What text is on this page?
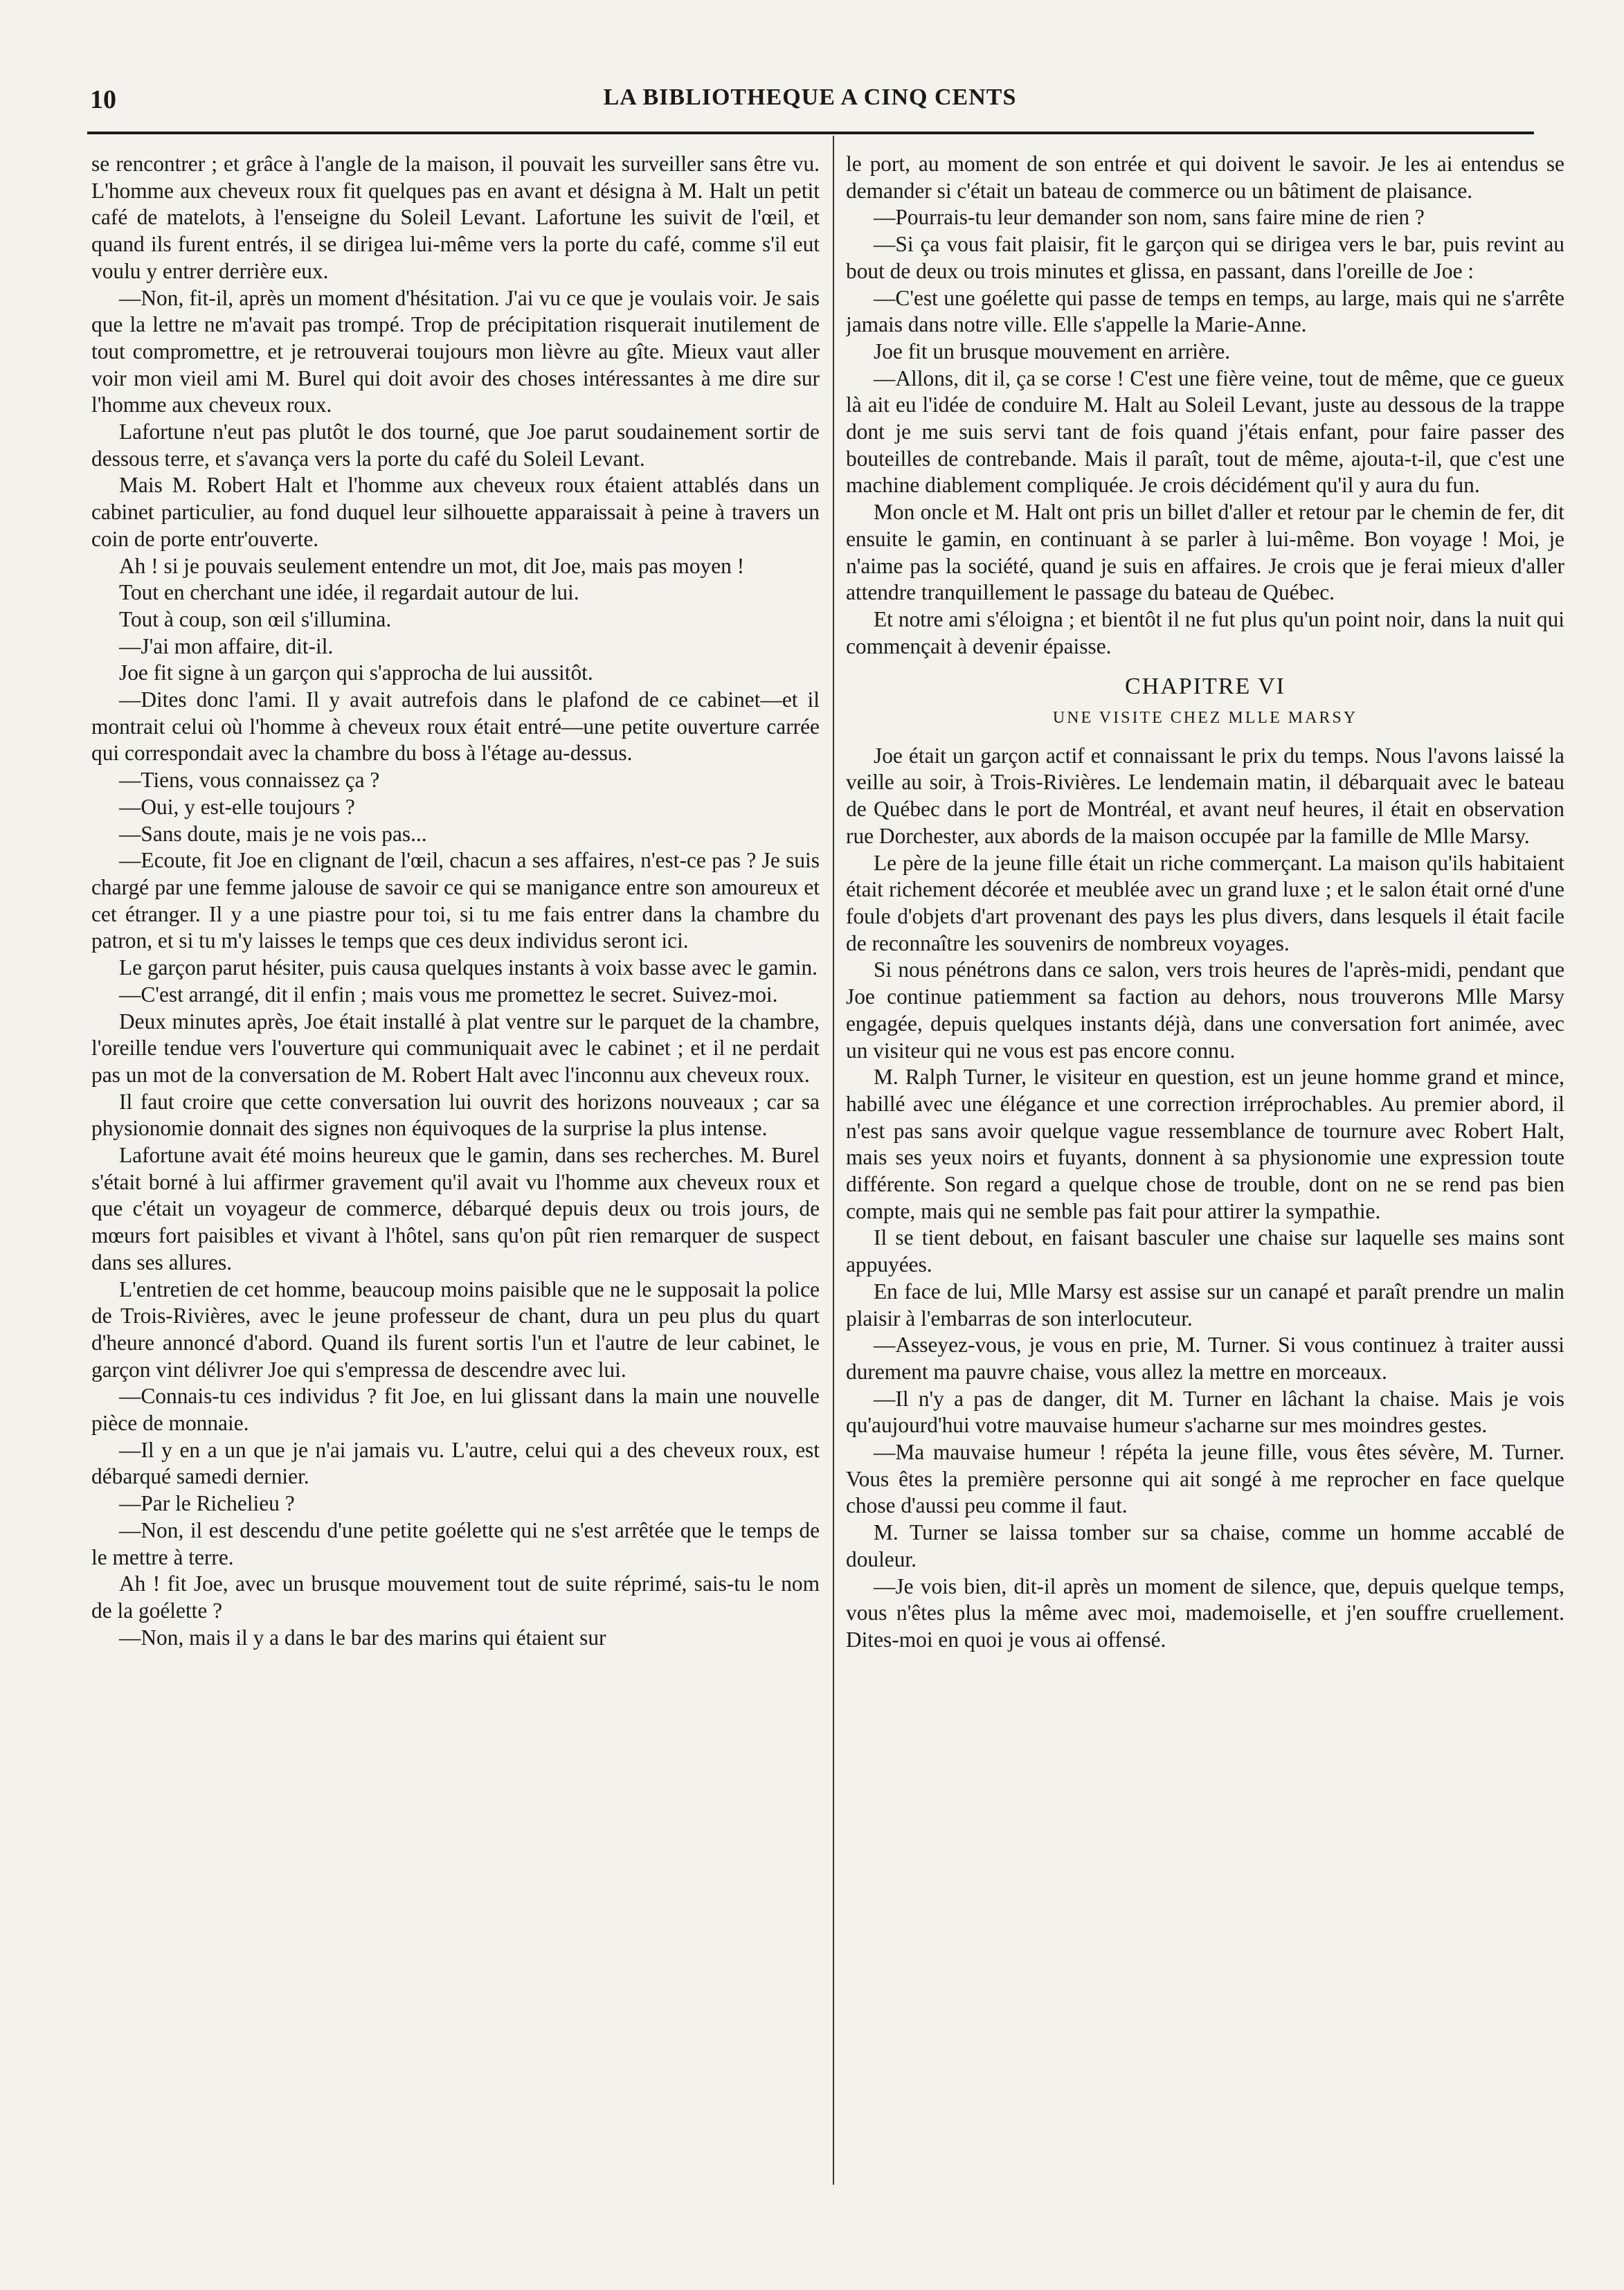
10	LA BIBLIOTHEQUE A CINQ CENTS

se rencontrer ; et grâce à l'angle de la maison, il pouvait les surveiller sans être vu. L'homme aux cheveux roux fit quelques pas en avant et désigna à M. Halt un petit café de matelots, à l'enseigne du Soleil Levant. Lafortune les suivit de l'œil, et quand ils furent entrés, il se dirigea lui-même vers la porte du café, comme s'il eut voulu y entrer derrière eux.

—Non, fit-il, après un moment d'hésitation. J'ai vu ce que je voulais voir. Je sais que la lettre ne m'avait pas trompé. Trop de précipitation risquerait inutilement de tout compromettre, et je retrouverai toujours mon lièvre au gîte. Mieux vaut aller voir mon vieil ami M. Burel qui doit avoir des choses intéressantes à me dire sur l'homme aux cheveux roux.

Lafortune n'eut pas plutôt le dos tourné, que Joe parut soudainement sortir de dessous terre, et s'avança vers la porte du café du Soleil Levant.

Mais M. Robert Halt et l'homme aux cheveux roux étaient attablés dans un cabinet particulier, au fond duquel leur silhouette apparaissait à peine à travers un coin de porte entr'ouverte.

Ah ! si je pouvais seulement entendre un mot, dit Joe, mais pas moyen !

Tout en cherchant une idée, il regardait autour de lui.

Tout à coup, son œil s'illumina.

—J'ai mon affaire, dit-il.

Joe fit signe à un garçon qui s'approcha de lui aussitôt.

—Dites donc l'ami. Il y avait autrefois dans le plafond de ce cabinet—et il montrait celui où l'homme à cheveux roux était entré—une petite ouverture carrée qui correspondait avec la chambre du boss à l'étage au-dessus.

—Tiens, vous connaissez ça ?

—Oui, y est-elle toujours ?

—Sans doute, mais je ne vois pas...

—Ecoute, fit Joe en clignant de l'œil, chacun a ses affaires, n'est-ce pas ? Je suis chargé par une femme jalouse de savoir ce qui se manigance entre son amoureux et cet étranger. Il y a une piastre pour toi, si tu me fais entrer dans la chambre du patron, et si tu m'y laisses le temps que ces deux individus seront ici.

Le garçon parut hésiter, puis causa quelques instants à voix basse avec le gamin.

—C'est arrangé, dit il enfin ; mais vous me promettez le secret. Suivez-moi.

Deux minutes après, Joe était installé à plat ventre sur le parquet de la chambre, l'oreille tendue vers l'ouverture qui communiquait avec le cabinet ; et il ne perdait pas un mot de la conversation de M. Robert Halt avec l'inconnu aux cheveux roux.

Il faut croire que cette conversation lui ouvrit des horizons nouveaux ; car sa physionomie donnait des signes non équivoques de la surprise la plus intense.

Lafortune avait été moins heureux que le gamin, dans ses recherches. M. Burel s'était borné à lui affirmer gravement qu'il avait vu l'homme aux cheveux roux et que c'était un voyageur de commerce, débarqué depuis deux ou trois jours, de mœurs fort paisibles et vivant à l'hôtel, sans qu'on pût rien remarquer de suspect dans ses allures.

L'entretien de cet homme, beaucoup moins paisible que ne le supposait la police de Trois-Rivières, avec le jeune professeur de chant, dura un peu plus du quart d'heure annoncé d'abord. Quand ils furent sortis l'un et l'autre de leur cabinet, le garçon vint délivrer Joe qui s'empressa de descendre avec lui.

—Connais-tu ces individus ? fit Joe, en lui glissant dans la main une nouvelle pièce de monnaie.

—Il y en a un que je n'ai jamais vu. L'autre, celui qui a des cheveux roux, est débarqué samedi dernier.

—Par le Richelieu ?

—Non, il est descendu d'une petite goélette qui ne s'est arrêtée que le temps de le mettre à terre.

Ah ! fit Joe, avec un brusque mouvement tout de suite réprimé, sais-tu le nom de la goélette ?

—Non, mais il y a dans le bar des marins qui étaient sur

le port, au moment de son entrée et qui doivent le savoir. Je les ai entendus se demander si c'était un bateau de commerce ou un bâtiment de plaisance.

—Pourrais-tu leur demander son nom, sans faire mine de rien ?

—Si ça vous fait plaisir, fit le garçon qui se dirigea vers le bar, puis revint au bout de deux ou trois minutes et glissa, en passant, dans l'oreille de Joe :

—C'est une goélette qui passe de temps en temps, au large, mais qui ne s'arrête jamais dans notre ville. Elle s'appelle la Marie-Anne.

Joe fit un brusque mouvement en arrière.

—Allons, dit il, ça se corse ! C'est une fière veine, tout de même, que ce gueux là ait eu l'idée de conduire M. Halt au Soleil Levant, juste au dessous de la trappe dont je me suis servi tant de fois quand j'étais enfant, pour faire passer des bouteilles de contrebande. Mais il paraît, tout de même, ajouta-t-il, que c'est une machine diablement compliquée. Je crois décidément qu'il y aura du fun.

Mon oncle et M. Halt ont pris un billet d'aller et retour par le chemin de fer, dit ensuite le gamin, en continuant à se parler à lui-même. Bon voyage ! Moi, je n'aime pas la société, quand je suis en affaires. Je crois que je ferai mieux d'aller attendre tranquillement le passage du bateau de Québec.

Et notre ami s'éloigna ; et bientôt il ne fut plus qu'un point noir, dans la nuit qui commençait à devenir épaisse.

CHAPITRE VI
UNE VISITE CHEZ MLLE MARSY

Joe était un garçon actif et connaissant le prix du temps. Nous l'avons laissé la veille au soir, à Trois-Rivières. Le lendemain matin, il débarquait avec le bateau de Québec dans le port de Montréal, et avant neuf heures, il était en observation rue Dorchester, aux abords de la maison occupée par la famille de Mlle Marsy.

Le père de la jeune fille était un riche commerçant. La maison qu'ils habitaient était richement décorée et meublée avec un grand luxe ; et le salon était orné d'une foule d'objets d'art provenant des pays les plus divers, dans lesquels il était facile de reconnaître les souvenirs de nombreux voyages.

Si nous pénétrons dans ce salon, vers trois heures de l'après-midi, pendant que Joe continue patiemment sa faction au dehors, nous trouverons Mlle Marsy engagée, depuis quelques instants déjà, dans une conversation fort animée, avec un visiteur qui ne vous est pas encore connu.

M. Ralph Turner, le visiteur en question, est un jeune homme grand et mince, habillé avec une élégance et une correction irréprochables. Au premier abord, il n'est pas sans avoir quelque vague ressemblance de tournure avec Robert Halt, mais ses yeux noirs et fuyants, donnent à sa physionomie une expression toute différente. Son regard a quelque chose de trouble, dont on ne se rend pas bien compte, mais qui ne semble pas fait pour attirer la sympathie.

Il se tient debout, en faisant basculer une chaise sur laquelle ses mains sont appuyées.

En face de lui, Mlle Marsy est assise sur un canapé et paraît prendre un malin plaisir à l'embarras de son interlocuteur.

—Asseyez-vous, je vous en prie, M. Turner. Si vous continuez à traiter aussi durement ma pauvre chaise, vous allez la mettre en morceaux.

—Il n'y a pas de danger, dit M. Turner en lâchant la chaise. Mais je vois qu'aujourd'hui votre mauvaise humeur s'acharne sur mes moindres gestes.

—Ma mauvaise humeur ! répéta la jeune fille, vous êtes sévère, M. Turner. Vous êtes la première personne qui ait songé à me reprocher en face quelque chose d'aussi peu comme il faut.

M. Turner se laissa tomber sur sa chaise, comme un homme accablé de douleur.

—Je vois bien, dit-il après un moment de silence, que, depuis quelque temps, vous n'êtes plus la même avec moi, mademoiselle, et j'en souffre cruellement. Dites-moi en quoi je vous ai offensé.
